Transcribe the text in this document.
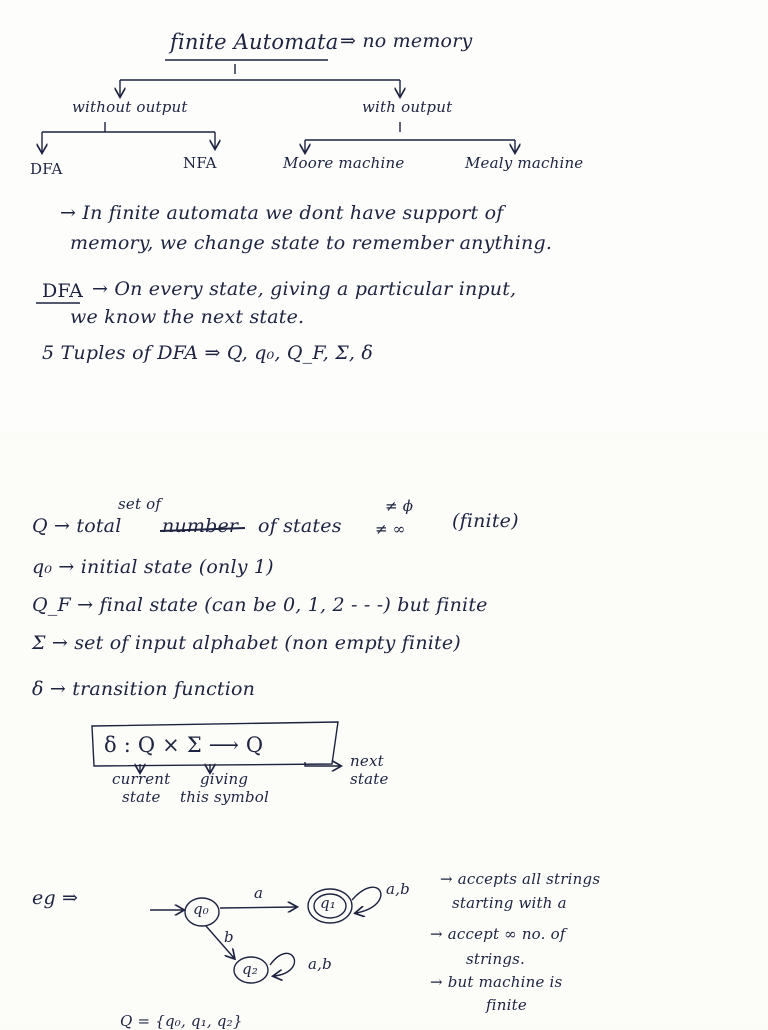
finite Automata ⇒ no memory
without output	with output
DFA	NFA	Moore machine	Mealy machine
→ In finite automata we dont have support of
memory, we change state to remember anything.
DFA → On every state, giving a particular input,
we know the next state.
5 Tuples of DFA ⇒ Q, q₀, Q_F, Σ, δ
set of
Q → total number of states
≠ ϕ
≠ ∞ (finite)
q₀ → initial state (only 1)
Q_F → final state (can be 0, 1, 2 - - -) but finite
Σ → set of input alphabet (non empty finite)
δ → transition function
δ : Q × Σ ⟶ Q
current
state
giving
this symbol
next
state
eg ⇒	q₀	q₁
q₂
a
b
a,b
a,b
→ accepts all strings
starting with a
→ accept ∞ no. of
strings.
→ but machine is
finite
Q = {q₀, q₁, q₂}
